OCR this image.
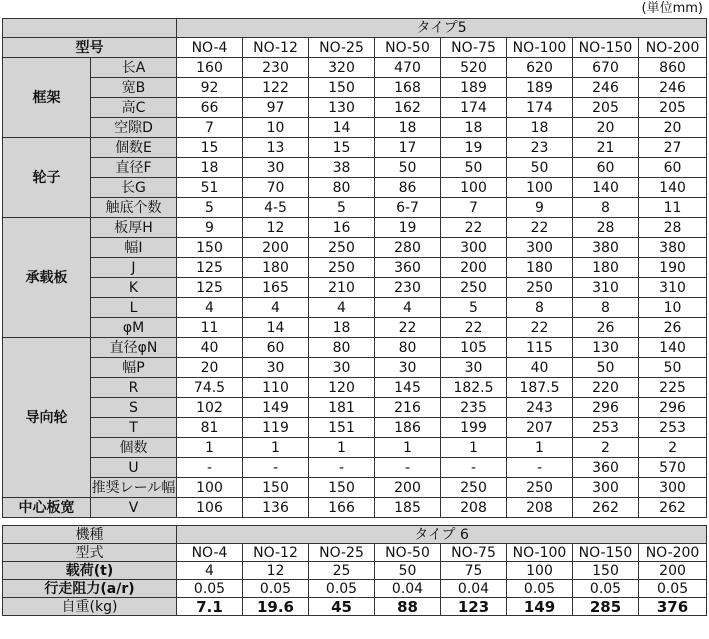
(単位mm)
		タイプ5							
型号		NO-4	NO-12	NO-25	NO-50	NO-75	NO-100	NO-150	NO-200
框架	长A	160	230	320	470	520	620	670	860
	宽B	92	122	150	168	189	189	246	246
	高C	66	97	130	162	174	174	205	205
	空隙D	7	10	14	18	18	18	20	20
轮子	個数E	15	13	15	17	19	23	21	27
	直径F	18	30	38	50	50	50	60	60
	长G	51	70	80	86	100	100	140	140
	触底个数	5	4-5	5	6-7	7	9	8	11
承载板	板厚H	9	12	16	19	22	22	28	28
	幅I	150	200	250	280	300	300	380	380
	J	125	180	250	360	200	180	180	190
	K	125	165	210	230	250	250	310	310
	L	4	4	4	4	5	8	8	10
	φM	11	14	18	22	22	22	26	26
导向轮	直径φN	40	60	80	80	105	115	130	140
	幅P	20	30	30	30	30	40	50	50
	R	74.5	110	120	145	182.5	187.5	220	225
	S	102	149	181	216	235	243	296	296
	T	81	119	151	186	199	207	253	253
	個数	1	1	1	1	1	1	2	2
	U	-	-	-	-	-	-	360	570
	推奨レール幅	100	150	150	200	250	250	300	300
中心板宽	V	106	136	166	185	208	208	262	262
機種	タイプ 6							
型式	NO-4	NO-12	NO-25	NO-50	NO-75	NO-100	NO-150	NO-200
载荷(t)	4	12	25	50	75	100	150	200
行走阻力(a/r)	0.05	0.05	0.05	0.04	0.04	0.05	0.05	0.05
自重(kg)	7.1	19.6	45	88	123	149	285	376
